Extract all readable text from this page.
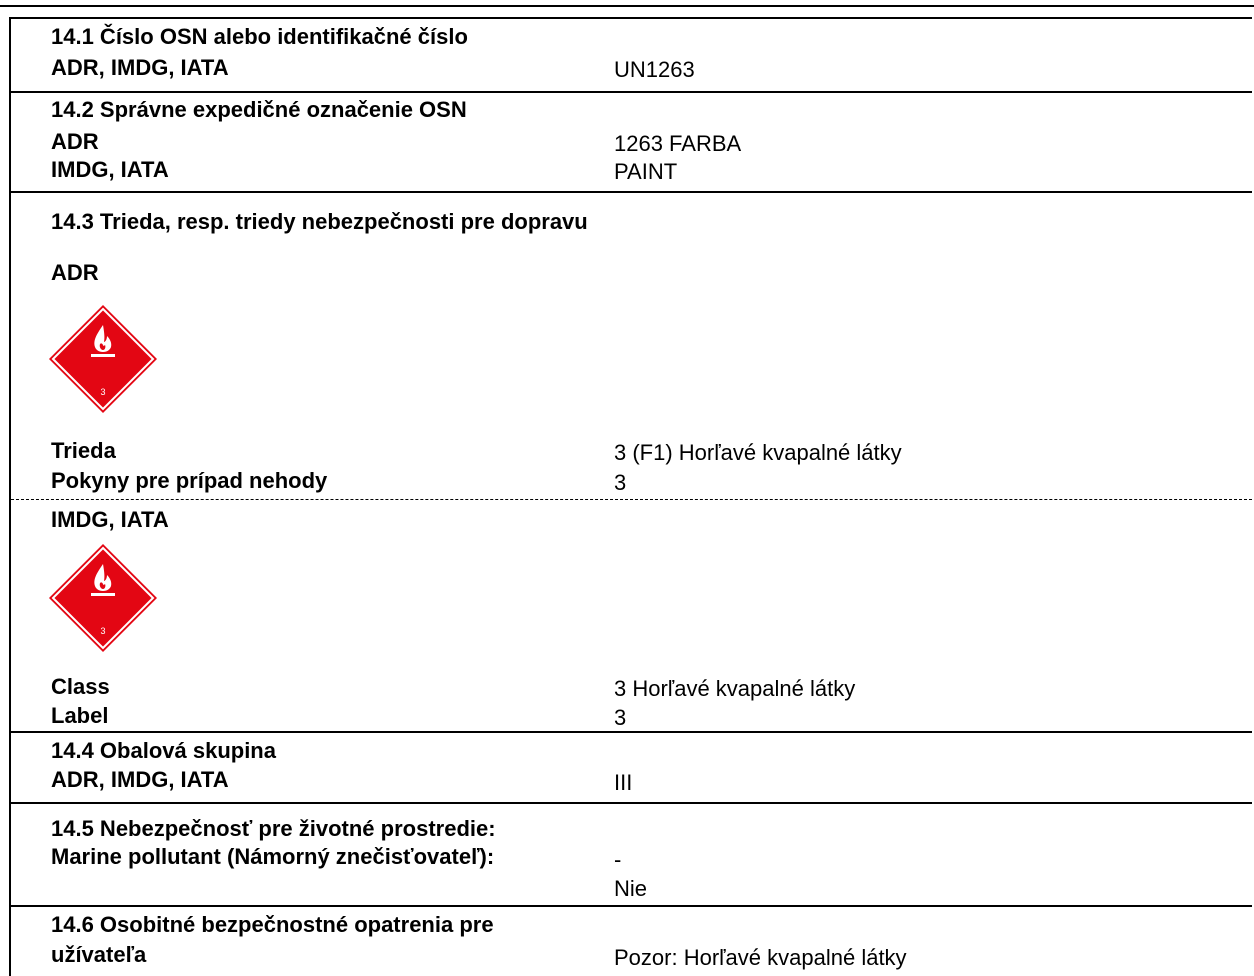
14.1 Číslo OSN alebo identifikačné číslo
ADR, IMDG, IATA	UN1263
14.2 Správne expedičné označenie OSN
ADR	1263 FARBA
IMDG, IATA	PAINT
14.3 Trieda, resp. triedy nebezpečnosti pre dopravu
ADR
3
Trieda	3 (F1) Horľavé kvapalné látky
Pokyny pre prípad nehody	3
IMDG, IATA
3
Class	3 Horľavé kvapalné látky
Label	3
14.4 Obalová skupina
ADR, IMDG, IATA	III
14.5 Nebezpečnosť pre životné prostredie:
Marine pollutant (Námorný znečisťovateľ):	-
Nie
14.6 Osobitné bezpečnostné opatrenia pre
užívateľa	Pozor: Horľavé kvapalné látky
